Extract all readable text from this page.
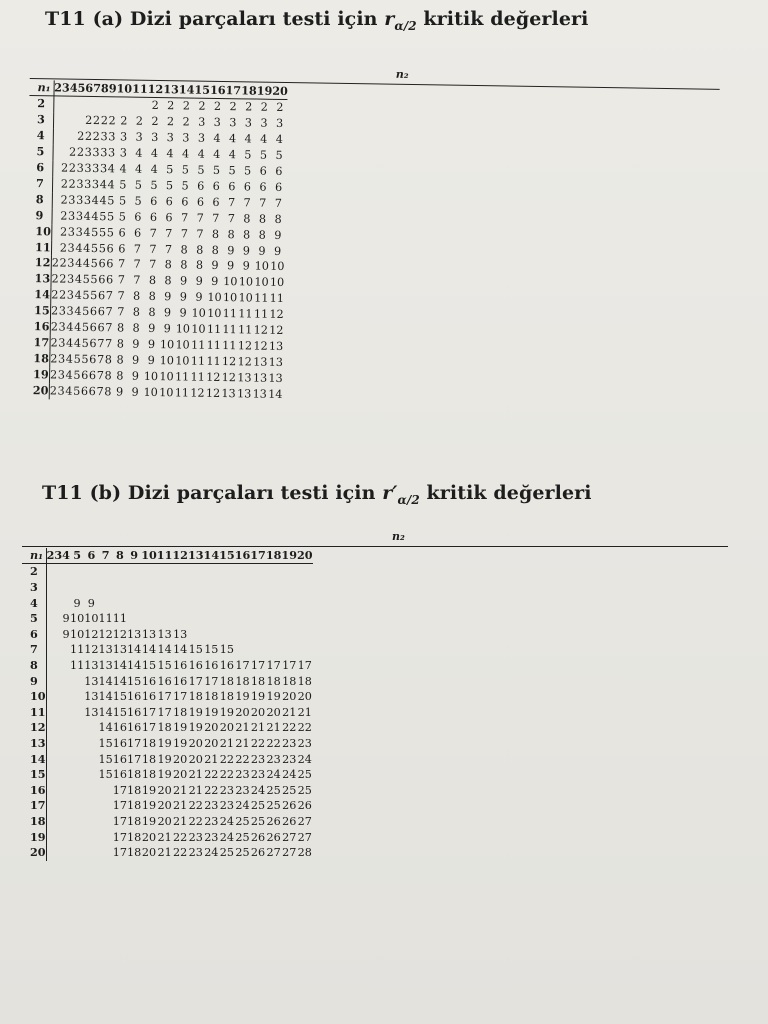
T11 (a) Dizi parçaları testi için $r_{\alpha/2}$ kritik değerleri
n₂
n₁	2	3	4	5	6	7	8	9	10	11	12	13	14	15	16	17	18	19	20
2											2	2	2	2	2	2	2	2	2
3					2	2	2	2	2	2	2	2	2	3	3	3	3	3	3
4				2	2	2	3	3	3	3	3	3	3	3	4	4	4	4	4
5			2	2	3	3	3	3	3	4	4	4	4	4	4	4	5	5	5
6		2	2	3	3	3	3	4	4	4	4	5	5	5	5	5	5	6	6
7		2	2	3	3	3	4	4	5	5	5	5	5	6	6	6	6	6	6
8		2	3	3	3	4	4	5	5	5	6	6	6	6	6	7	7	7	7
9		2	3	3	4	4	5	5	5	6	6	6	7	7	7	7	8	8	8
10		2	3	3	4	5	5	5	6	6	7	7	7	7	8	8	8	8	9
11		2	3	4	4	5	5	6	6	7	7	7	8	8	8	9	9	9	9
12	2	2	3	4	4	5	6	6	7	7	7	8	8	8	9	9	9	10	10
13	2	2	3	4	5	5	6	6	7	7	8	8	9	9	9	10	10	10	10
14	2	2	3	4	5	5	6	7	7	8	8	9	9	9	10	10	10	11	11
15	2	3	3	4	5	6	6	7	7	8	8	9	9	10	10	11	11	11	12
16	2	3	4	4	5	6	6	7	8	8	9	9	10	10	11	11	11	12	12
17	2	3	4	4	5	6	7	7	8	9	9	10	10	11	11	11	12	12	13
18	2	3	4	5	5	6	7	8	8	9	9	10	10	11	11	12	12	13	13
19	2	3	4	5	6	6	7	8	8	9	10	10	11	11	12	12	13	13	13
20	2	3	4	5	6	6	7	8	9	9	10	10	11	12	12	13	13	13	14
T11 (b) Dizi parçaları testi için $r'_{\alpha/2}$ kritik değerleri
n₂
n₁	2	3	4	5	6	7	8	9	10	11	12	13	14	15	16	17	18	19	20
2																			
3																			
4				9	9														
5			9	10	10	11	11												
6			9	10	12	12	12	13	13	13	13								
7				11	12	13	13	14	14	14	14	15	15	15					
8				11	13	13	14	14	15	15	16	16	16	16	17	17	17	17	17
9					13	14	14	15	16	16	16	17	17	18	18	18	18	18	18
10					13	14	15	16	16	17	17	18	18	18	19	19	19	20	20
11					13	14	15	16	17	17	18	19	19	19	20	20	20	21	21
12						14	16	16	17	18	19	19	20	20	21	21	21	22	22
13						15	16	17	18	19	19	20	20	21	21	22	22	23	23
14						15	16	17	18	19	20	20	21	22	22	23	23	23	24
15						15	16	18	18	19	20	21	22	22	23	23	24	24	25
16							17	18	19	20	21	21	22	23	23	24	25	25	25
17							17	18	19	20	21	22	23	23	24	25	25	26	26
18							17	18	19	20	21	22	23	24	25	25	26	26	27
19							17	18	20	21	22	23	23	24	25	26	26	27	27
20							17	18	20	21	22	23	24	25	25	26	27	27	28
